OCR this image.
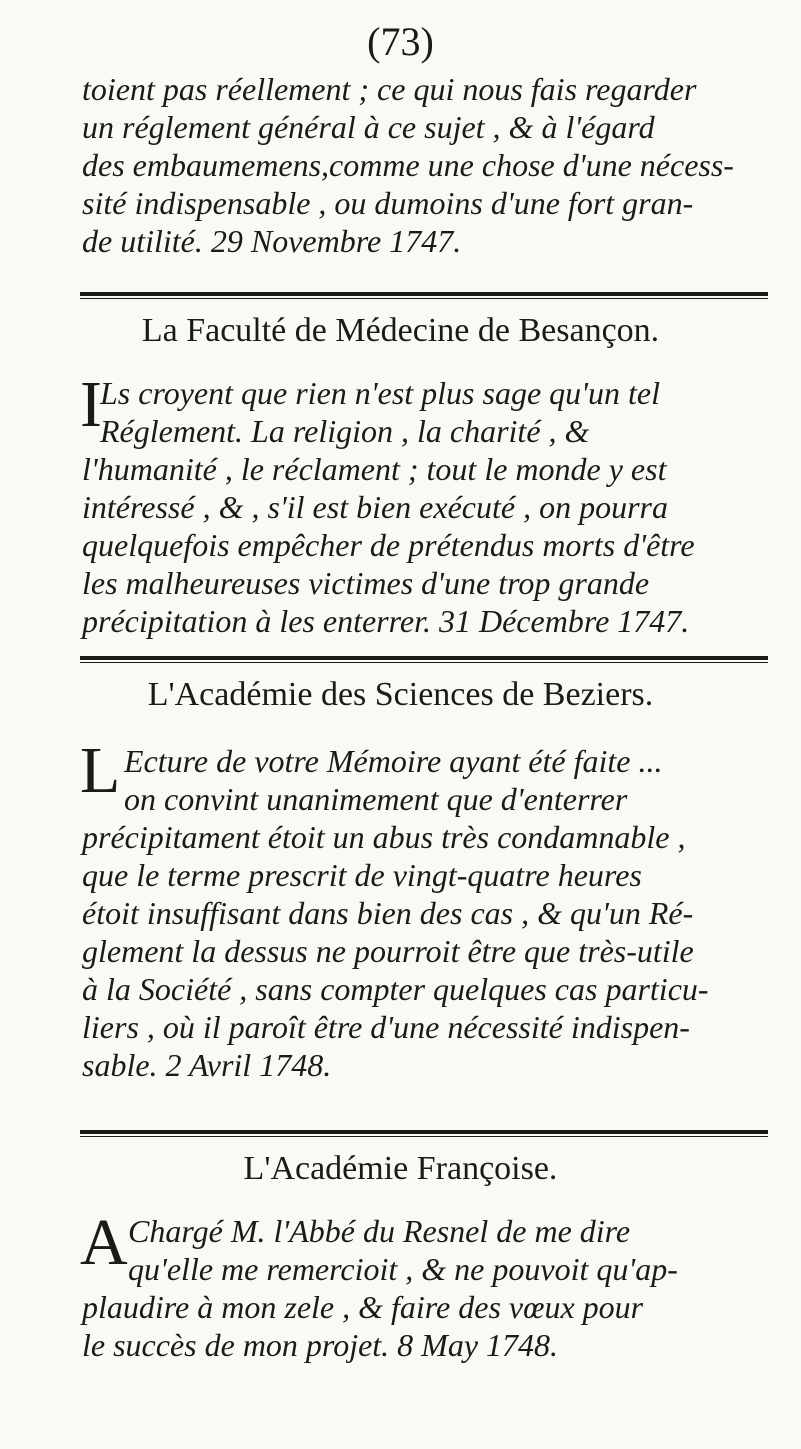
(73)
toient pas réellement ; ce qui nous fais regarder
un réglement général à ce sujet , & à l'égard
des embaumemens,comme une chose d'une nécess-
sité indispensable , ou dumoins d'une fort gran-
de utilité. 29 Novembre 1747.
La Faculté de Médecine de Besançon.
I
Ls croyent que rien n'est plus sage qu'un tel
Réglement. La religion , la charité , &
l'humanité , le réclament ; tout le monde y est
intéressé , & , s'il est bien exécuté , on pourra
quelquefois empêcher de prétendus morts d'être
les malheureuses victimes d'une trop grande
précipitation à les enterrer. 31 Décembre 1747.
L'Académie des Sciences de Beziers.
L Ecture de votre Mémoire ayant été faite ...
on convint unanimement que d'enterrer
précipitament étoit un abus très condamnable ,
que le terme prescrit de vingt-quatre heures
étoit insuffisant dans bien des cas , & qu'un Ré-
glement la dessus ne pourroit être que très-utile
à la Société , sans compter quelques cas particu-
liers , où il paroît être d'une nécessité indispen-
sable. 2 Avril 1748.
L'Académie Françoise.
A Chargé M. l'Abbé du Resnel de me dire
qu'elle me remercioit , & ne pouvoit qu'ap-
plaudire à mon zele , & faire des vœux pour
le succès de mon projet. 8 May 1748.
